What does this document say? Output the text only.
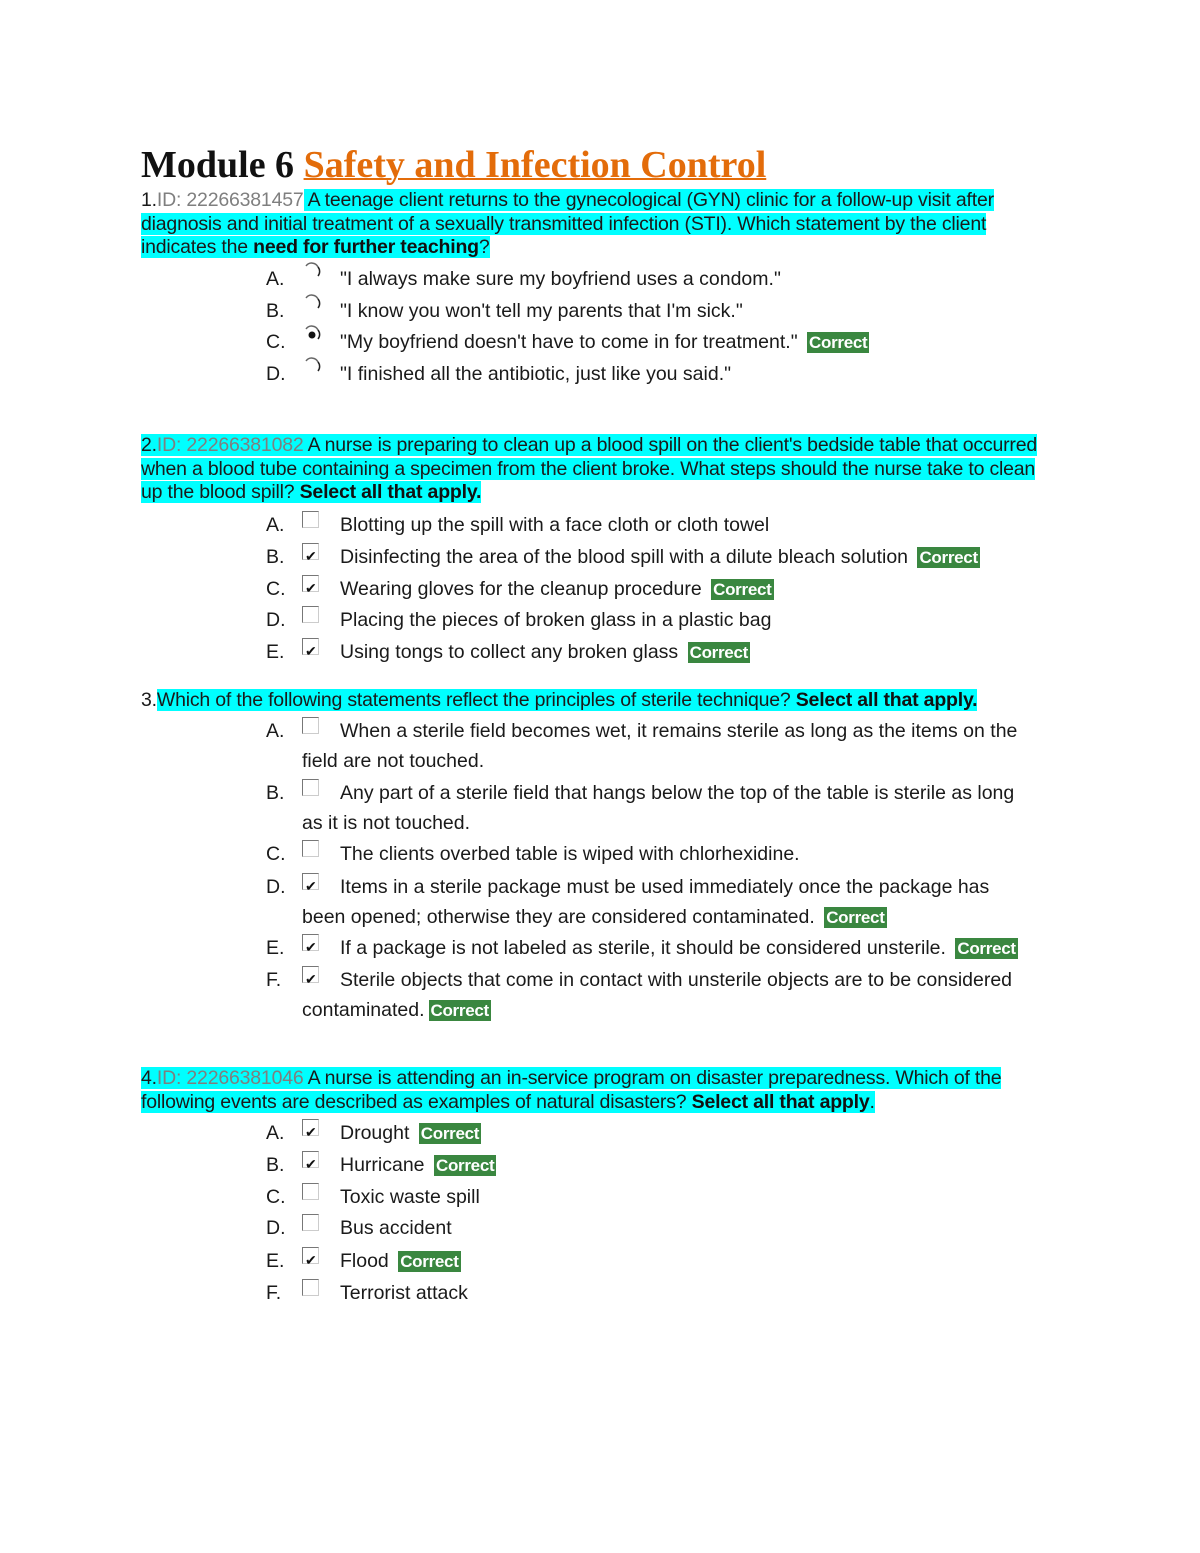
Module 6 Safety and Infection Control
1.ID: 22266381457 A teenage client returns to the gynecological (GYN) clinic for a follow-up visit after diagnosis and initial treatment of a sexually transmitted infection (STI). Which statement by the client indicates the need for further teaching?
A.	"I always make sure my boyfriend uses a condom."
B.	"I know you won't tell my parents that I'm sick."
C.	"My boyfriend doesn't have to come in for treatment." Correct
D.	"I finished all the antibiotic, just like you said."
2.ID: 22266381082 A nurse is preparing to clean up a blood spill on the client's bedside table that occurred when a blood tube containing a specimen from the client broke. What steps should the nurse take to clean up the blood spill? Select all that apply.
A.	Blotting up the spill with a face cloth or cloth towel
B. ✔	Disinfecting the area of the blood spill with a dilute bleach solution Correct
C. ✔	Wearing gloves for the cleanup procedure Correct
D.	Placing the pieces of broken glass in a plastic bag
E. ✔	Using tongs to collect any broken glass Correct
3.Which of the following statements reflect the principles of sterile technique? Select all that apply.
A.	When a sterile field becomes wet, it remains sterile as long as the items on the
field are not touched.
B.	Any part of a sterile field that hangs below the top of the table is sterile as long
as it is not touched.
C.	The clients overbed table is wiped with chlorhexidine.
D. ✔	Items in a sterile package must be used immediately once the package has
been opened; otherwise they are considered contaminated. Correct
E. ✔	If a package is not labeled as sterile, it should be considered unsterile. Correct
F. ✔	Sterile objects that come in contact with unsterile objects are to be considered
contaminated. Correct
4.ID: 22266381046 A nurse is attending an in-service program on disaster preparedness. Which of the following events are described as examples of natural disasters? Select all that apply.
A. ✔	Drought Correct
B. ✔	Hurricane Correct
C.	Toxic waste spill
D.	Bus accident
E. ✔	Flood Correct
F.	Terrorist attack
